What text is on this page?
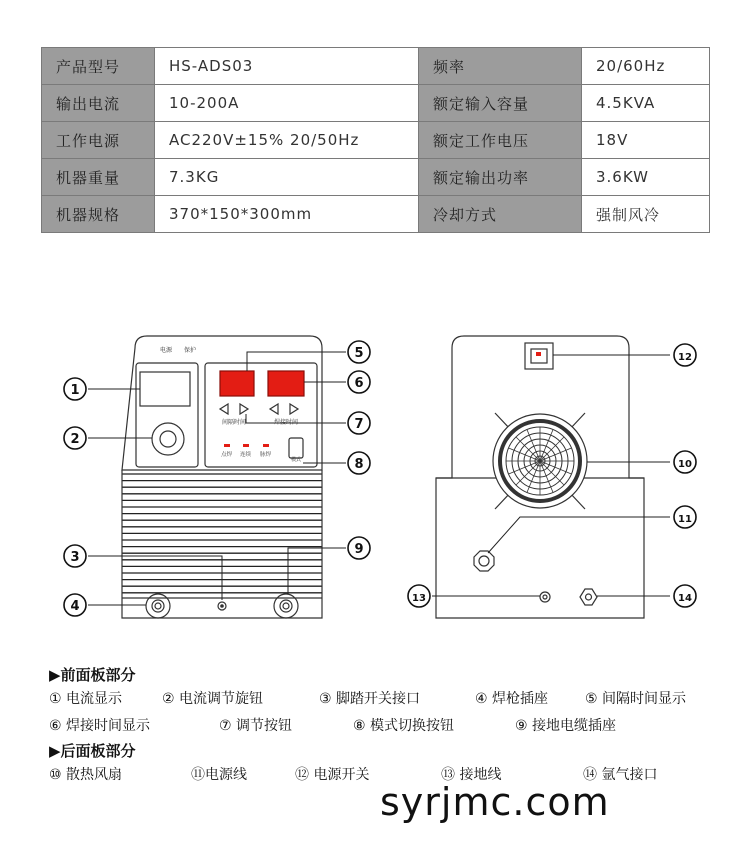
产品型号	HS-ADS03	频率	20/60Hz
输出电流	10-200A	额定输入容量	4.5KVA
工作电源	AC220V±15% 20/50Hz	额定工作电压	18V
机器重量	7.3KG	额定输出功率	3.6KW
机器规格	370*150*300mm	冷却方式	强制风冷
电源 保护
间隔时间	焊接时间
点焊 连续 脉焊
模式
1
2
3
4
5
6
7
8
9
10
11
12
13	14
▶前面板部分
① 电流显示	② 电流调节旋钮	③ 脚踏开关接口	④ 焊枪插座	⑤ 间隔时间显示
⑥ 焊接时间显示	⑦ 调节按钮	⑧ 模式切换按钮	⑨ 接地电缆插座
▶后面板部分
⑩ 散热风扇	⑪电源线	⑫ 电源开关	⑬ 接地线	⑭ 氩气接口
syrjmc.com
